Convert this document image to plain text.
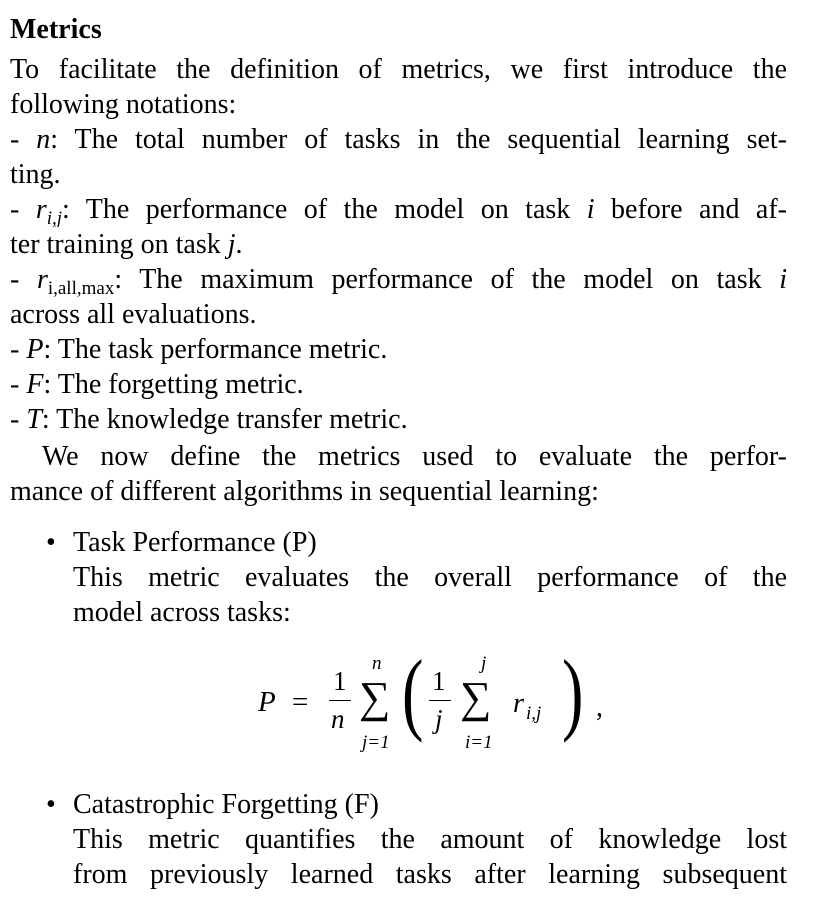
Metrics
To facilitate the definition of metrics, we first introduce the
following notations:
- n: The total number of tasks in the sequential learning set-
ting.
- $r_{i,j}$: The performance of the model on task i before and af-
ter training on task j.
- $r_{i,all,max}$: The maximum performance of the model on task i
across all evaluations.
- P: The task performance metric.
- F: The forgetting metric.
- T: The knowledge transfer metric.
We now define the metrics used to evaluate the perfor-
mance of different algorithms in sequential learning:
• Task Performance (P)
This metric evaluates the overall performance of the
model across tasks:
P =
1
n ∑
n
j=1 ( 1
j ∑
j
i=1
r i,j ) ,
• Catastrophic Forgetting (F)
This metric quantifies the amount of knowledge lost
from previously learned tasks after learning subsequent
